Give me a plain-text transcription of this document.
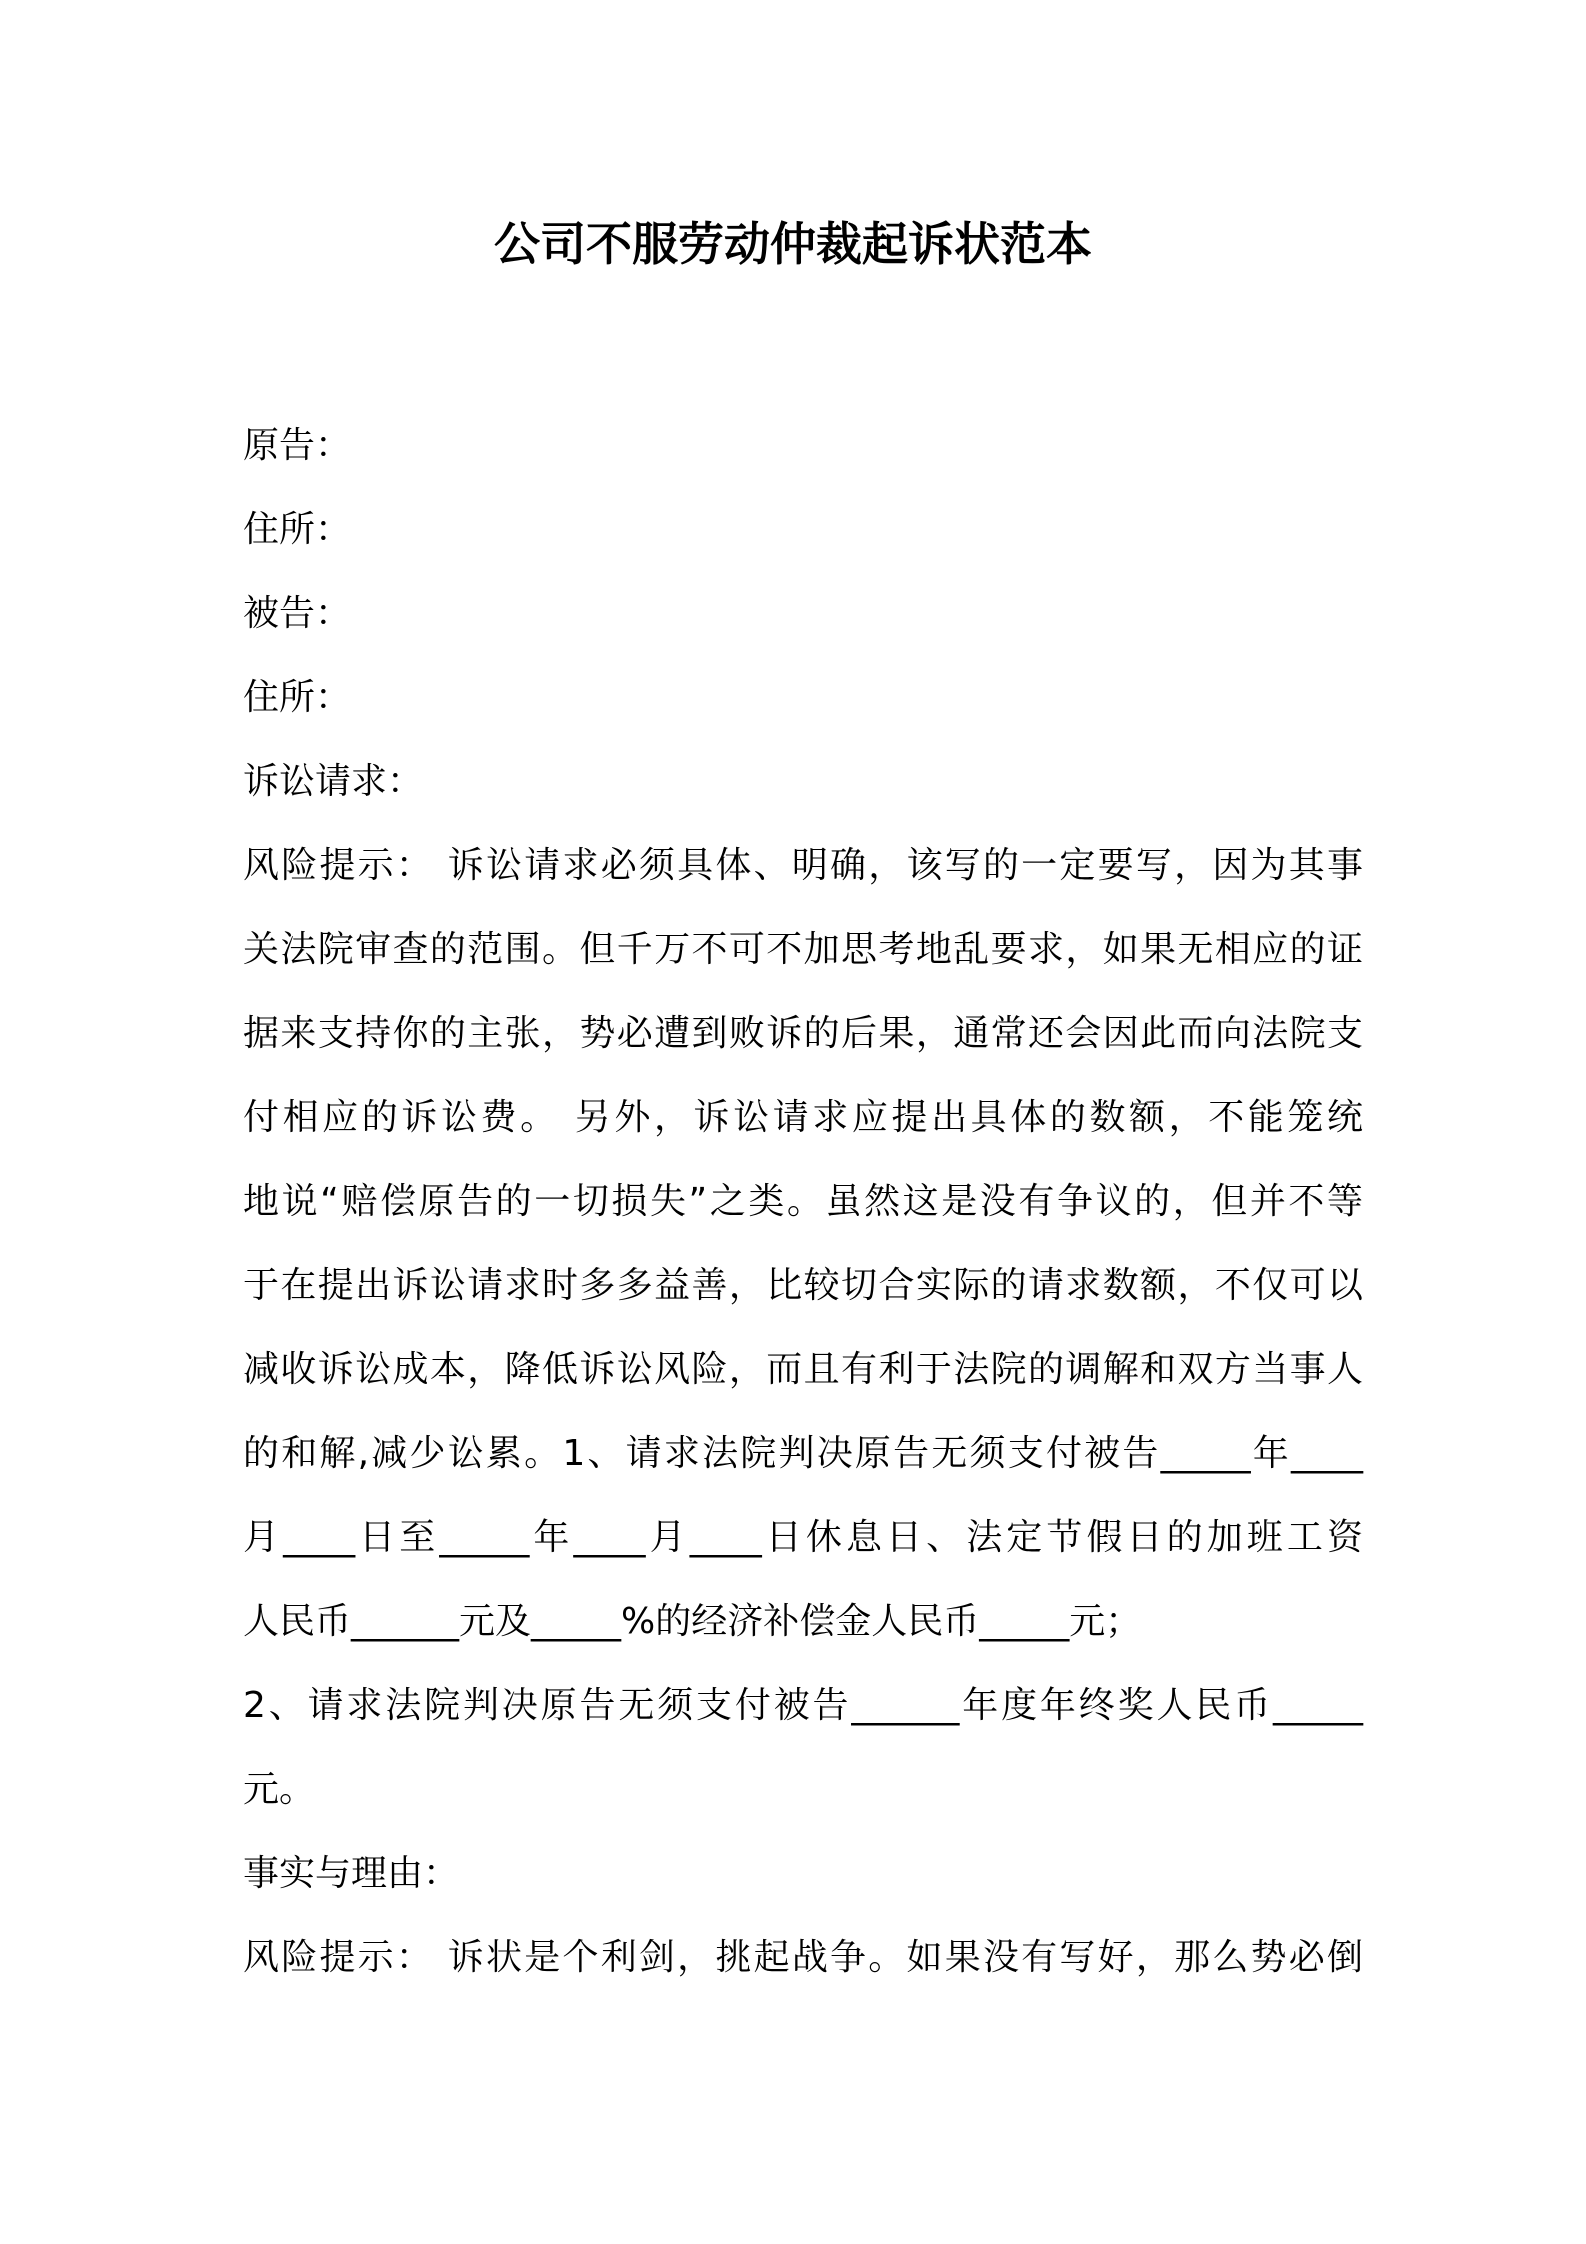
公司不服劳动仲裁起诉状范本
原告：
住所：
被告：
住所：
诉讼请求：
风险提示： 诉讼请求必须具体、明确，该写的一定要写，因为其事
关法院审查的范围。但千万不可不加思考地乱要求，如果无相应的证
据来支持你的主张，势必遭到败诉的后果，通常还会因此而向法院支
付相应的诉讼费。 另外，诉讼请求应提出具体的数额，不能笼统
地说“赔偿原告的一切损失”之类。虽然这是没有争议的，但并不等
于在提出诉讼请求时多多益善，比较切合实际的请求数额，不仅可以
减收诉讼成本，降低诉讼风险，而且有利于法院的调解和双方当事人
的和解,减少讼累。1、请求法院判决原告无须支付被告_____年____
月____日至_____年____月____日休息日、法定节假日的加班工资
人民币______元及_____%的经济补偿金人民币_____元；
2、请求法院判决原告无须支付被告______年度年终奖人民币_____
元。
事实与理由：
风险提示： 诉状是个利剑，挑起战争。如果没有写好，那么势必倒
